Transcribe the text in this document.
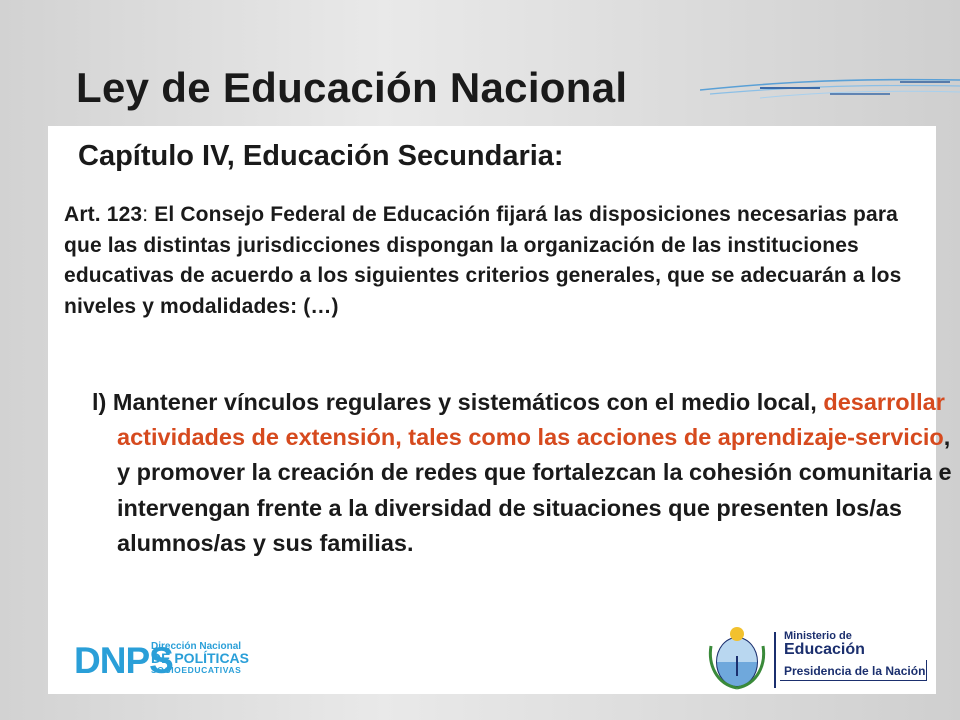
Ley de Educación Nacional
Capítulo IV, Educación Secundaria:

Art. 123: El Consejo Federal de Educación fijará las disposiciones necesarias para que las distintas jurisdicciones dispongan la organización de las instituciones educativas de acuerdo a los siguientes criterios generales, que se adecuarán a los niveles y modalidades: (…)

l) Mantener vínculos regulares y sistemáticos con el medio local, desarrollar actividades de extensión, tales como las acciones de aprendizaje-servicio, y promover la creación de redes que fortalezcan la cohesión comunitaria e intervengan frente a la diversidad de situaciones que presenten los/as alumnos/as y sus familias.

DNPS
Dirección Nacional
DE POLÍTICAS
SOCIOEDUCATIVAS
Ministerio de
Educación
Presidencia de la Nación
